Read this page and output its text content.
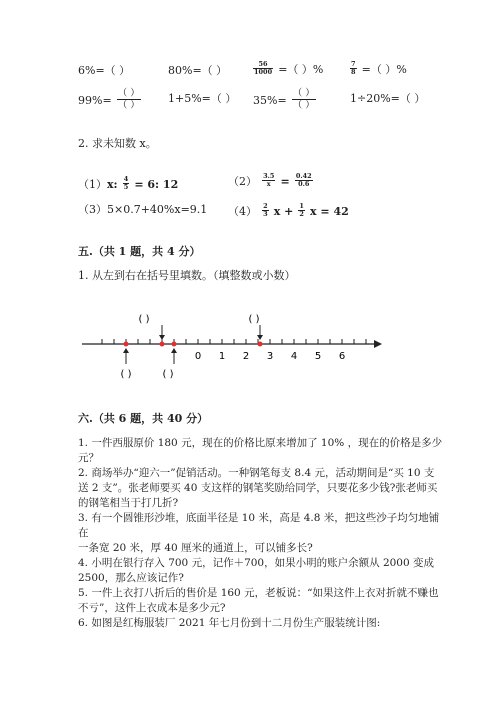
6%=（ ）	80%=（ ）	$\frac{56}{1000}$ =（ ）%	$\frac{7}{8}$ =（ ）%
$99\%= \frac{( )}{( )} 1+5\%=$（ ） $35\%= \frac{( )}{( )}$	1÷20%=（ ）
2. 求未知数 x。
（1）x: $\frac{4}{5} = 6$: 12	$(2) \frac{3.5}{x} = \frac{0.42}{0.6}$
（3）5×0.7+40%x=9.1 $(4) \frac{2}{3}$ $x + \frac{1}{2}$ x = 42
五.（共 1 题，共 4 分）
1. 从左到右在括号里填数。（填整数或小数）
0 1 2 3 4 5 6
( )	( )
( )	( )
六.（共 6 题，共 40 分）
1. 一件西服原价 180 元，现在的价格比原来增加了 10% ，现在的价格是多少
元？
2. 商场举办“迎六一”促销活动。一种钢笔每支 8.4 元，活动期间是“买 10 支
送 2 支”。张老师要买 40 支这样的钢笔奖励给同学，只要花多少钱?张老师买
的钢笔相当于打几折?
3. 有一个圆锥形沙堆，底面半径是 10 米，高是 4.8 米，把这些沙子均匀地铺在
一条宽 20 米，厚 40 厘米的通道上，可以铺多长?
4. 小明在银行存入 700 元，记作＋700，如果小明的账户余额从 2000 变成
2500，那么应该记作?
5. 一件上衣打八折后的售价是 160 元，老板说：“如果这件上衣对折就不赚也
不亏”，这件上衣成本是多少元?
6. 如图是红梅服装厂 2021 年七月份到十二月份生产服装统计图:
